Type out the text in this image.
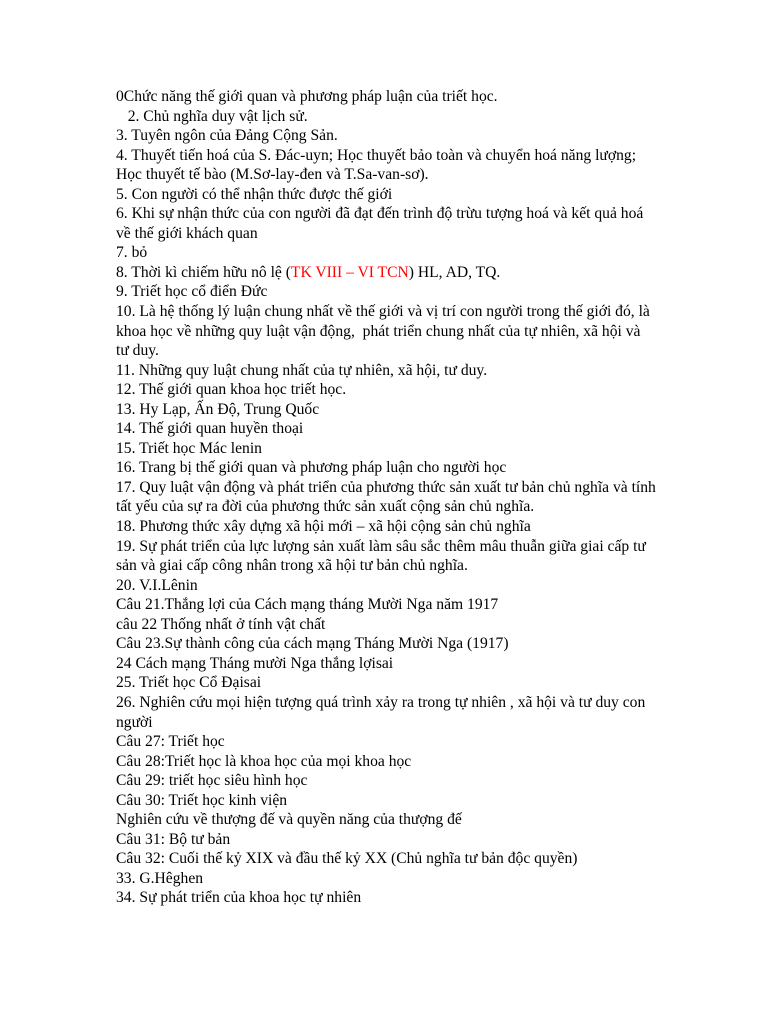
0Chức năng thế giới quan và phương pháp luận của triết học.
2. Chủ nghĩa duy vật lịch sử.
3. Tuyên ngôn của Đảng Cộng Sản.
4. Thuyết tiến hoá của S. Đác-uyn; Học thuyết bảo toàn và chuyển hoá năng lượng; Học thuyết tế bào (M.Sơ-lay-đen và T.Sa-van-sơ).
5. Con người có thể nhận thức được thế giới
6. Khi sự nhận thức của con người đã đạt đến trình độ trừu tượng hoá và kết quả hoá về thế giới khách quan
7. bỏ
8. Thời kì chiếm hữu nô lệ (TK VIII – VI TCN) HL, AD, TQ.
9. Triết học cổ điển Đức
10. Là hệ thống lý luận chung nhất về thế giới và vị trí con người trong thế giới đó, là khoa học về những quy luật vận động,  phát triển chung nhất của tự nhiên, xã hội và tư duy.
11. Những quy luật chung nhất của tự nhiên, xã hội, tư duy.
12. Thế giới quan khoa học triết học.
13. Hy Lạp, Ấn Độ, Trung Quốc
14. Thế giới quan huyền thoại
15. Triết học Mác lenin
16. Trang bị thế giới quan và phương pháp luận cho người học
17. Quy luật vận động và phát triển của phương thức sản xuất tư bản chủ nghĩa và tính tất yếu của sự ra đời của phương thức sản xuất cộng sản chủ nghĩa.
18. Phương thức xây dựng xã hội mới – xã hội cộng sản chủ nghĩa
19. Sự phát triển của lực lượng sản xuất làm sâu sắc thêm mâu thuẫn giữa giai cấp tư sản và giai cấp công nhân trong xã hội tư bản chủ nghĩa.
20. V.I.Lênin
Câu 21.Thắng lợi của Cách mạng tháng Mười Nga năm 1917
câu 22 Thống nhất ở tính vật chất
Câu 23.Sự thành công của cách mạng Tháng Mười Nga (1917)
24 Cách mạng Tháng mười Nga thắng lợisai
25. Triết học Cổ Đạisai
26. Nghiên cứu mọi hiện tượng quá trình xảy ra trong tự nhiên , xã hội và tư duy con người
Câu 27: Triết học
Câu 28:Triết học là khoa học của mọi khoa học
Câu 29: triết học siêu hình học
Câu 30: Triết học kinh viện
Nghiên cứu về thượng đế và quyền năng của thượng đế
Câu 31: Bộ tư bản
Câu 32: Cuối thế kỷ XIX và đầu thế kỷ XX (Chủ nghĩa tư bản độc quyền)
33. G.Hêghen
34. Sự phát triển của khoa học tự nhiên
